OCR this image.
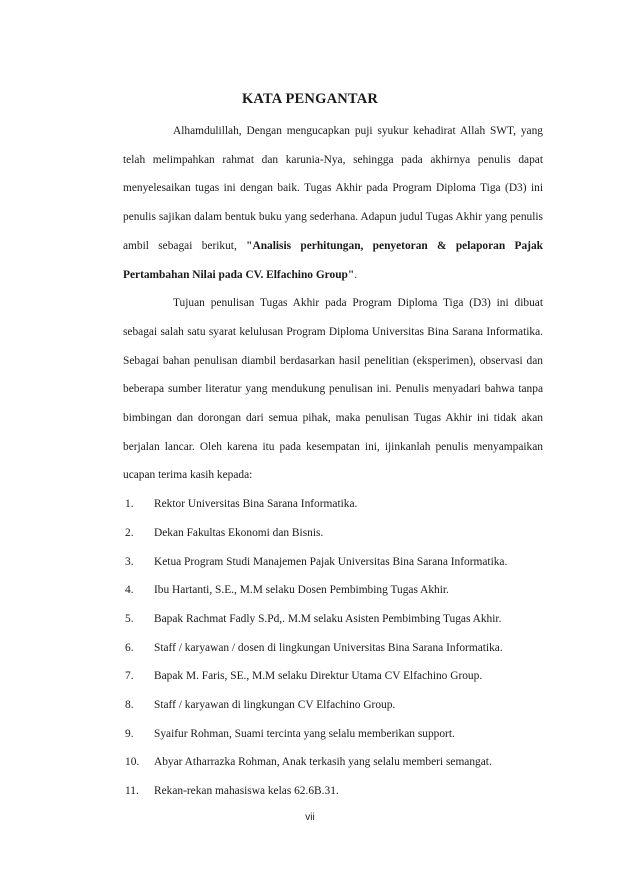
KATA PENGANTAR

Alhamdulillah, Dengan mengucapkan puji syukur kehadirat Allah SWT, yang telah melimpahkan rahmat dan karunia-Nya, sehingga pada akhirnya penulis dapat menyelesaikan tugas ini dengan baik. Tugas Akhir pada Program Diploma Tiga (D3) ini penulis sajikan dalam bentuk buku yang sederhana. Adapun judul Tugas Akhir yang penulis ambil sebagai berikut, "Analisis perhitungan, penyetoran & pelaporan Pajak Pertambahan Nilai pada CV. Elfachino Group".

Tujuan penulisan Tugas Akhir pada Program Diploma Tiga (D3) ini dibuat sebagai salah satu syarat kelulusan Program Diploma Universitas Bina Sarana Informatika. Sebagai bahan penulisan diambil berdasarkan hasil penelitian (eksperimen), observasi dan beberapa sumber literatur yang mendukung penulisan ini. Penulis menyadari bahwa tanpa bimbingan dan dorongan dari semua pihak, maka penulisan Tugas Akhir ini tidak akan berjalan lancar. Oleh karena itu pada kesempatan ini, ijinkanlah penulis menyampaikan ucapan terima kasih kepada:

1. Rektor Universitas Bina Sarana Informatika.
2. Dekan Fakultas Ekonomi dan Bisnis.
3. Ketua Program Studi Manajemen Pajak Universitas Bina Sarana Informatika.
4. Ibu Hartanti, S.E., M.M selaku Dosen Pembimbing Tugas Akhir.
5. Bapak Rachmat Fadly S.Pd,. M.M selaku Asisten Pembimbing Tugas Akhir.
6. Staff / karyawan / dosen di lingkungan Universitas Bina Sarana Informatika.
7. Bapak M. Faris, SE., M.M selaku Direktur Utama CV Elfachino Group.
8. Staff / karyawan di lingkungan CV Elfachino Group.
9. Syaifur Rohman, Suami tercinta yang selalu memberikan support.
10. Abyar Atharrazka Rohman, Anak terkasih yang selalu memberi semangat.
11. Rekan-rekan mahasiswa kelas 62.6B.31.
vii
